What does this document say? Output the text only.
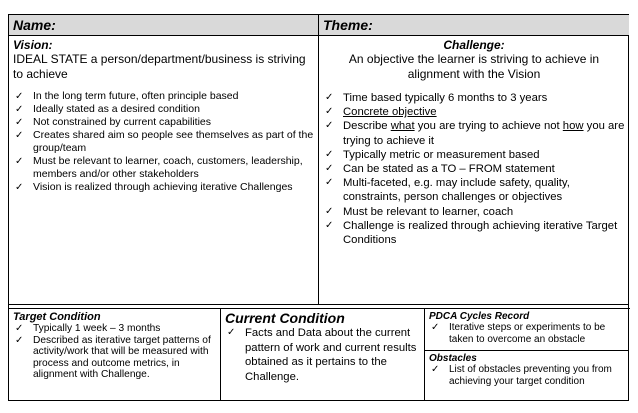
Name:	Theme:
Vision:
IDEAL STATE a person/department/business is striving to achieve
✓ In the long term future, often principle based
✓ Ideally stated as a desired condition
✓ Not constrained by current capabilities
✓ Creates shared aim so people see themselves as part of the group/team
✓ Must be relevant to learner, coach, customers, leadership, members and/or other stakeholders
✓ Vision is realized through achieving iterative Challenges
Challenge:
An objective the learner is striving to achieve in alignment with the Vision
✓ Time based typically 6 months to 3 years
✓ Concrete objective
✓ Describe what you are trying to achieve not how you are trying to achieve it
✓ Typically metric or measurement based
✓ Can be stated as a TO – FROM statement
✓ Multi-faceted, e.g. may include safety, quality, constraints, person challenges or objectives
✓ Must be relevant to learner, coach
✓ Challenge is realized through achieving iterative Target Conditions
Target Condition
✓ Typically 1 week – 3 months
✓ Described as iterative target patterns of activity/work that will be measured with process and outcome metrics, in alignment with Challenge.
Current Condition
✓ Facts and Data about the current pattern of work and current results obtained as it pertains to the Challenge.
PDCA Cycles Record
✓ Iterative steps or experiments to be taken to overcome an obstacle
Obstacles
✓ List of obstacles preventing you from achieving your target condition
